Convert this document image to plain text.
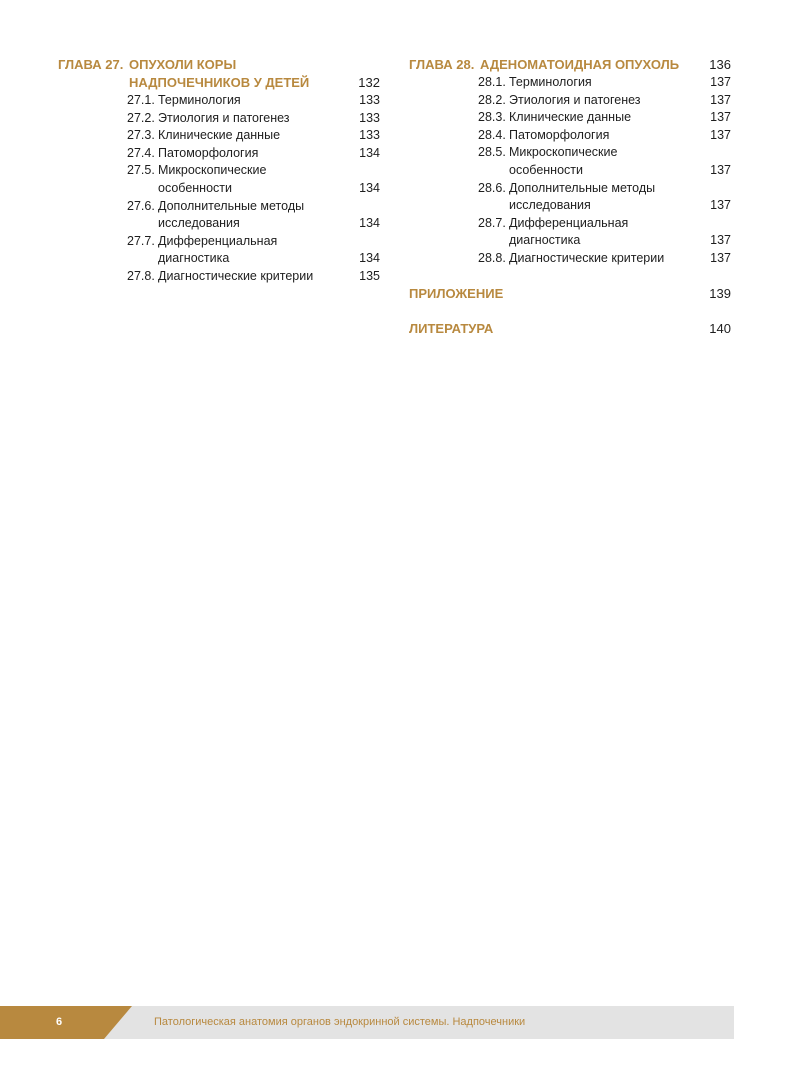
ГЛАВА 27. ОПУХОЛИ КОРЫ НАДПОЧЕЧНИКОВ У ДЕТЕЙ	132
27.1. Терминология	133
27.2. Этиология и патогенез	133
27.3. Клинические данные	133
27.4. Патоморфология	134
27.5. Микроскопические особенности	134
27.6. Дополнительные методы исследования	134
27.7. Дифференциальная диагностика	134
27.8. Диагностические критерии	135
ГЛАВА 28. АДЕНОМАТОИДНАЯ ОПУХОЛЬ	136
28.1. Терминология	137
28.2. Этиология и патогенез	137
28.3. Клинические данные	137
28.4. Патоморфология	137
28.5. Микроскопические особенности	137
28.6. Дополнительные методы исследования	137
28.7. Дифференциальная диагностика	137
28.8. Диагностические критерии	137
ПРИЛОЖЕНИЕ	139
ЛИТЕРАТУРА	140
6	Патологическая анатомия органов эндокринной системы. Надпочечники
